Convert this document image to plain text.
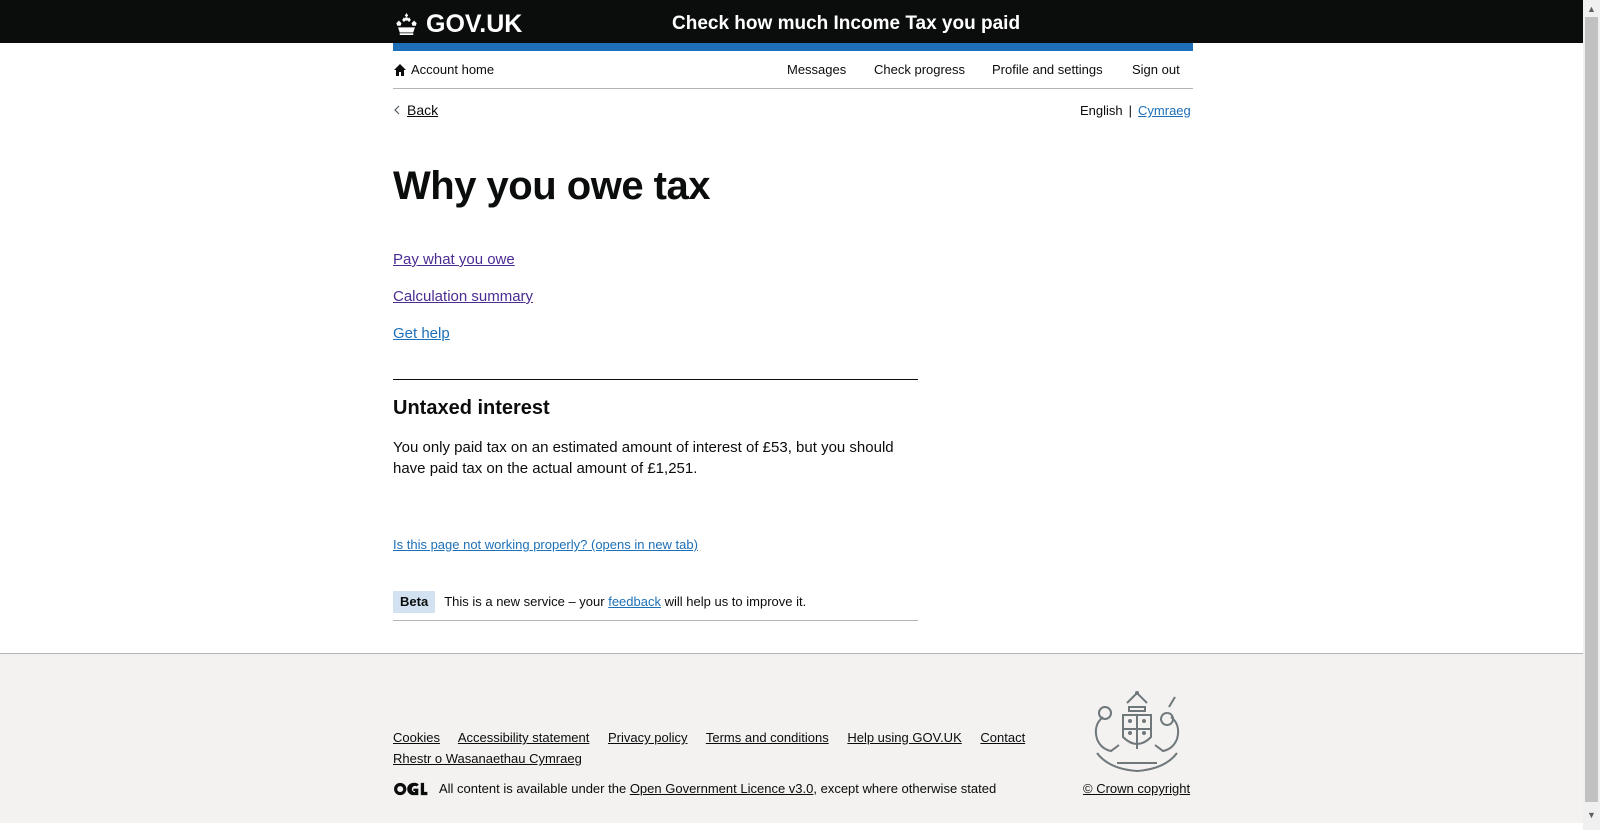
GOV.UK	Check how much Income Tax you paid
Account home	Messages Check progress Profile and settings Sign out
Back	English | Cymraeg
Why you owe tax
Pay what you owe
Calculation summary
Get help
Untaxed interest

You only paid tax on an estimated amount of interest of £53, but you should have paid tax on the actual amount of £1,251.

Is this page not working properly? (opens in new tab)
Beta	This is a new service – your feedback will help us to improve it.
Cookies Accessibility statement Privacy policy Terms and conditions Help using GOV.UK Contact
Rhestr o Wasanaethau Cymraeg
All content is available under the
Open Government Licence v3.0 , except where otherwise stated	© Crown copyright
▲
▼
